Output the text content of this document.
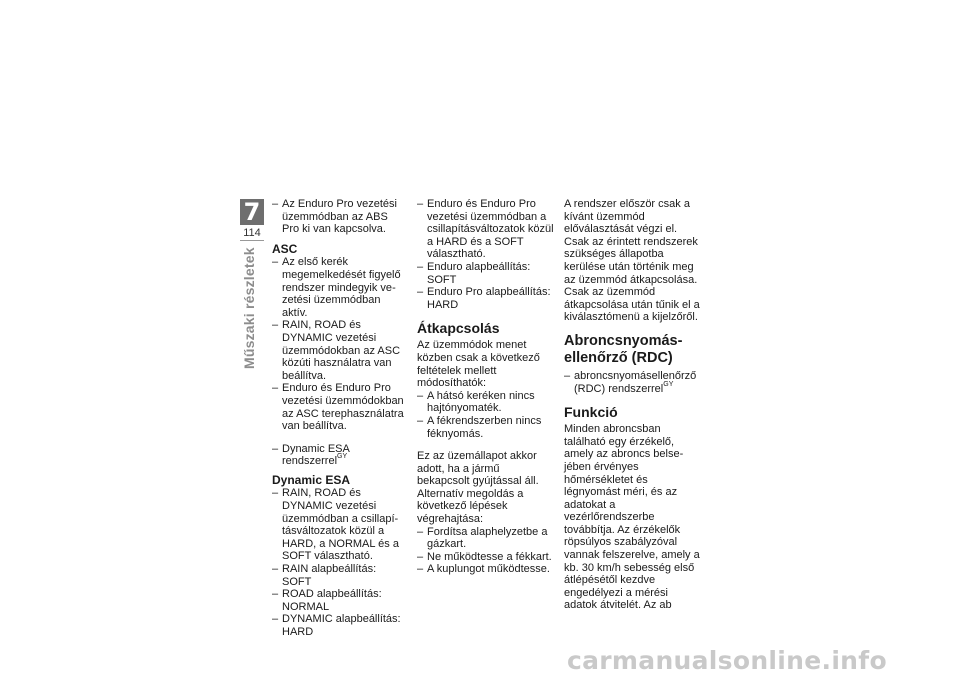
7
114
Műszaki részletek
– Az Enduro Pro vezetési üzemmódban az ABS Pro ki van kapcsolva.
ASC
– Az első kerék megemelkedését figyelő rendszer mindegyik vezetési üzemmódban aktív.
– RAIN, ROAD és DYNAMIC vezetési üzemmódokban az ASC közúti használatra van beállítva.
– Enduro és Enduro Pro vezetési üzemmódokban az ASC terephasználatra van beállítva.
– Dynamic ESA rendszerrel$^{GY}$
Dynamic ESA
– RAIN, ROAD és DYNAMIC vezetési üzemmódban a csillapításváltozatok közül a HARD, a NORMAL és a SOFT választható.
– RAIN alapbeállítás: SOFT
– ROAD alapbeállítás: NORMAL
– DYNAMIC alapbeállítás: HARD
– Enduro és Enduro Pro vezetési üzemmódban a csillapításváltozatok közül a HARD és a SOFT választható.
– Enduro alapbeállítás: SOFT
– Enduro Pro alapbeállítás: HARD
Átkapcsolás

Az üzemmódok menet közben csak a következő feltételek mellett módosíthatók:

– A hátsó keréken nincs hajtónyomaték.
– A fékrendszerben nincs féknyomás.

Ez az üzemállapot akkor adott, ha a jármű bekapcsolt gyújtással áll. Alternatív megoldás a következő lépések végrehajtása:

– Fordítsa alaphelyzetbe a gázkart.
– Ne működtesse a fékkart.
– A kuplungot működtesse.

A rendszer először csak a kívánt üzemmód előválasztását végzi el. Csak az érintett rendszerek szükséges állapotba kerülése után történik meg az üzemmód átkapcsolása.

Csak az üzemmód átkapcsolása után tűnik el a kiválasztómenü a kijelzőről.

Abroncsnyomás-ellenőrző (RDC)
– abroncsnyomásellenőrző (RDC) rendszerrel$^{GY}$
Funkció

Minden abroncsban található egy érzékelő, amely az abroncs belsejében érvényes hőmérsékletet és légnyomást méri, és az adatokat a vezérlőrendszerbe továbbítja. Az érzékelők röpsúlyos szabályzóval vannak felszerelve, amely a kb. 30 km/h sebesség első átlépésétől kezdve engedélyezi a mérési adatok átvitelét. Az ab

carmanualsonline.info
